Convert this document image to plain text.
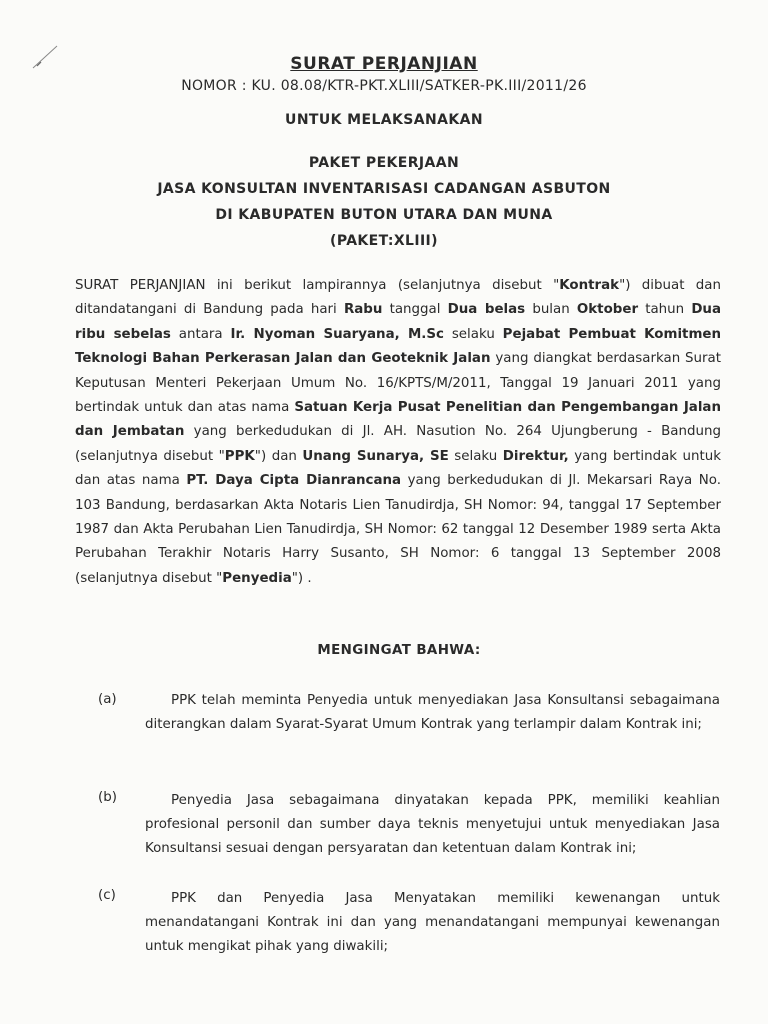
SURAT PERJANJIAN
NOMOR : KU. 08.08/KTR-PKT.XLIII/SATKER-PK.III/2011/26
UNTUK MELAKSANAKAN
PAKET PEKERJAAN
JASA KONSULTAN INVENTARISASI CADANGAN ASBUTON
DI KABUPATEN BUTON UTARA DAN MUNA
(PAKET:XLIII)
SURAT PERJANJIAN ini berikut lampirannya (selanjutnya disebut "Kontrak") dibuat dan ditandatangani di Bandung pada hari Rabu tanggal Dua belas bulan Oktober tahun Dua ribu sebelas antara Ir. Nyoman Suaryana, M.Sc selaku Pejabat Pembuat Komitmen Teknologi Bahan Perkerasan Jalan dan Geoteknik Jalan yang diangkat berdasarkan Surat Keputusan Menteri Pekerjaan Umum No. 16/KPTS/M/2011, Tanggal 19 Januari 2011 yang bertindak untuk dan atas nama Satuan Kerja Pusat Penelitian dan Pengembangan Jalan dan Jembatan yang berkedudukan di Jl. AH. Nasution No. 264 Ujungberung - Bandung (selanjutnya disebut "PPK") dan Unang Sunarya, SE selaku Direktur, yang bertindak untuk dan atas nama PT. Daya Cipta Dianrancana yang berkedudukan di Jl. Mekarsari Raya No. 103 Bandung, berdasarkan Akta Notaris Lien Tanudirdja, SH Nomor: 94, tanggal 17 September 1987 dan Akta Perubahan Lien Tanudirdja, SH Nomor: 62 tanggal 12 Desember 1989 serta Akta Perubahan Terakhir Notaris Harry Susanto, SH Nomor: 6 tanggal 13 September 2008 (selanjutnya disebut "Penyedia") .
MENGINGAT BAHWA:
(a)	PPK telah meminta Penyedia untuk menyediakan Jasa Konsultansi sebagaimana diterangkan dalam Syarat-Syarat Umum Kontrak yang terlampir dalam Kontrak ini;
(b)	Penyedia Jasa sebagaimana dinyatakan kepada PPK, memiliki keahlian profesional personil dan sumber daya teknis menyetujui untuk menyediakan Jasa Konsultansi sesuai dengan persyaratan dan ketentuan dalam Kontrak ini;
(c)	PPK dan Penyedia Jasa Menyatakan memiliki kewenangan untuk menandatangani Kontrak ini dan yang menandatangani mempunyai kewenangan untuk mengikat pihak yang diwakili;
